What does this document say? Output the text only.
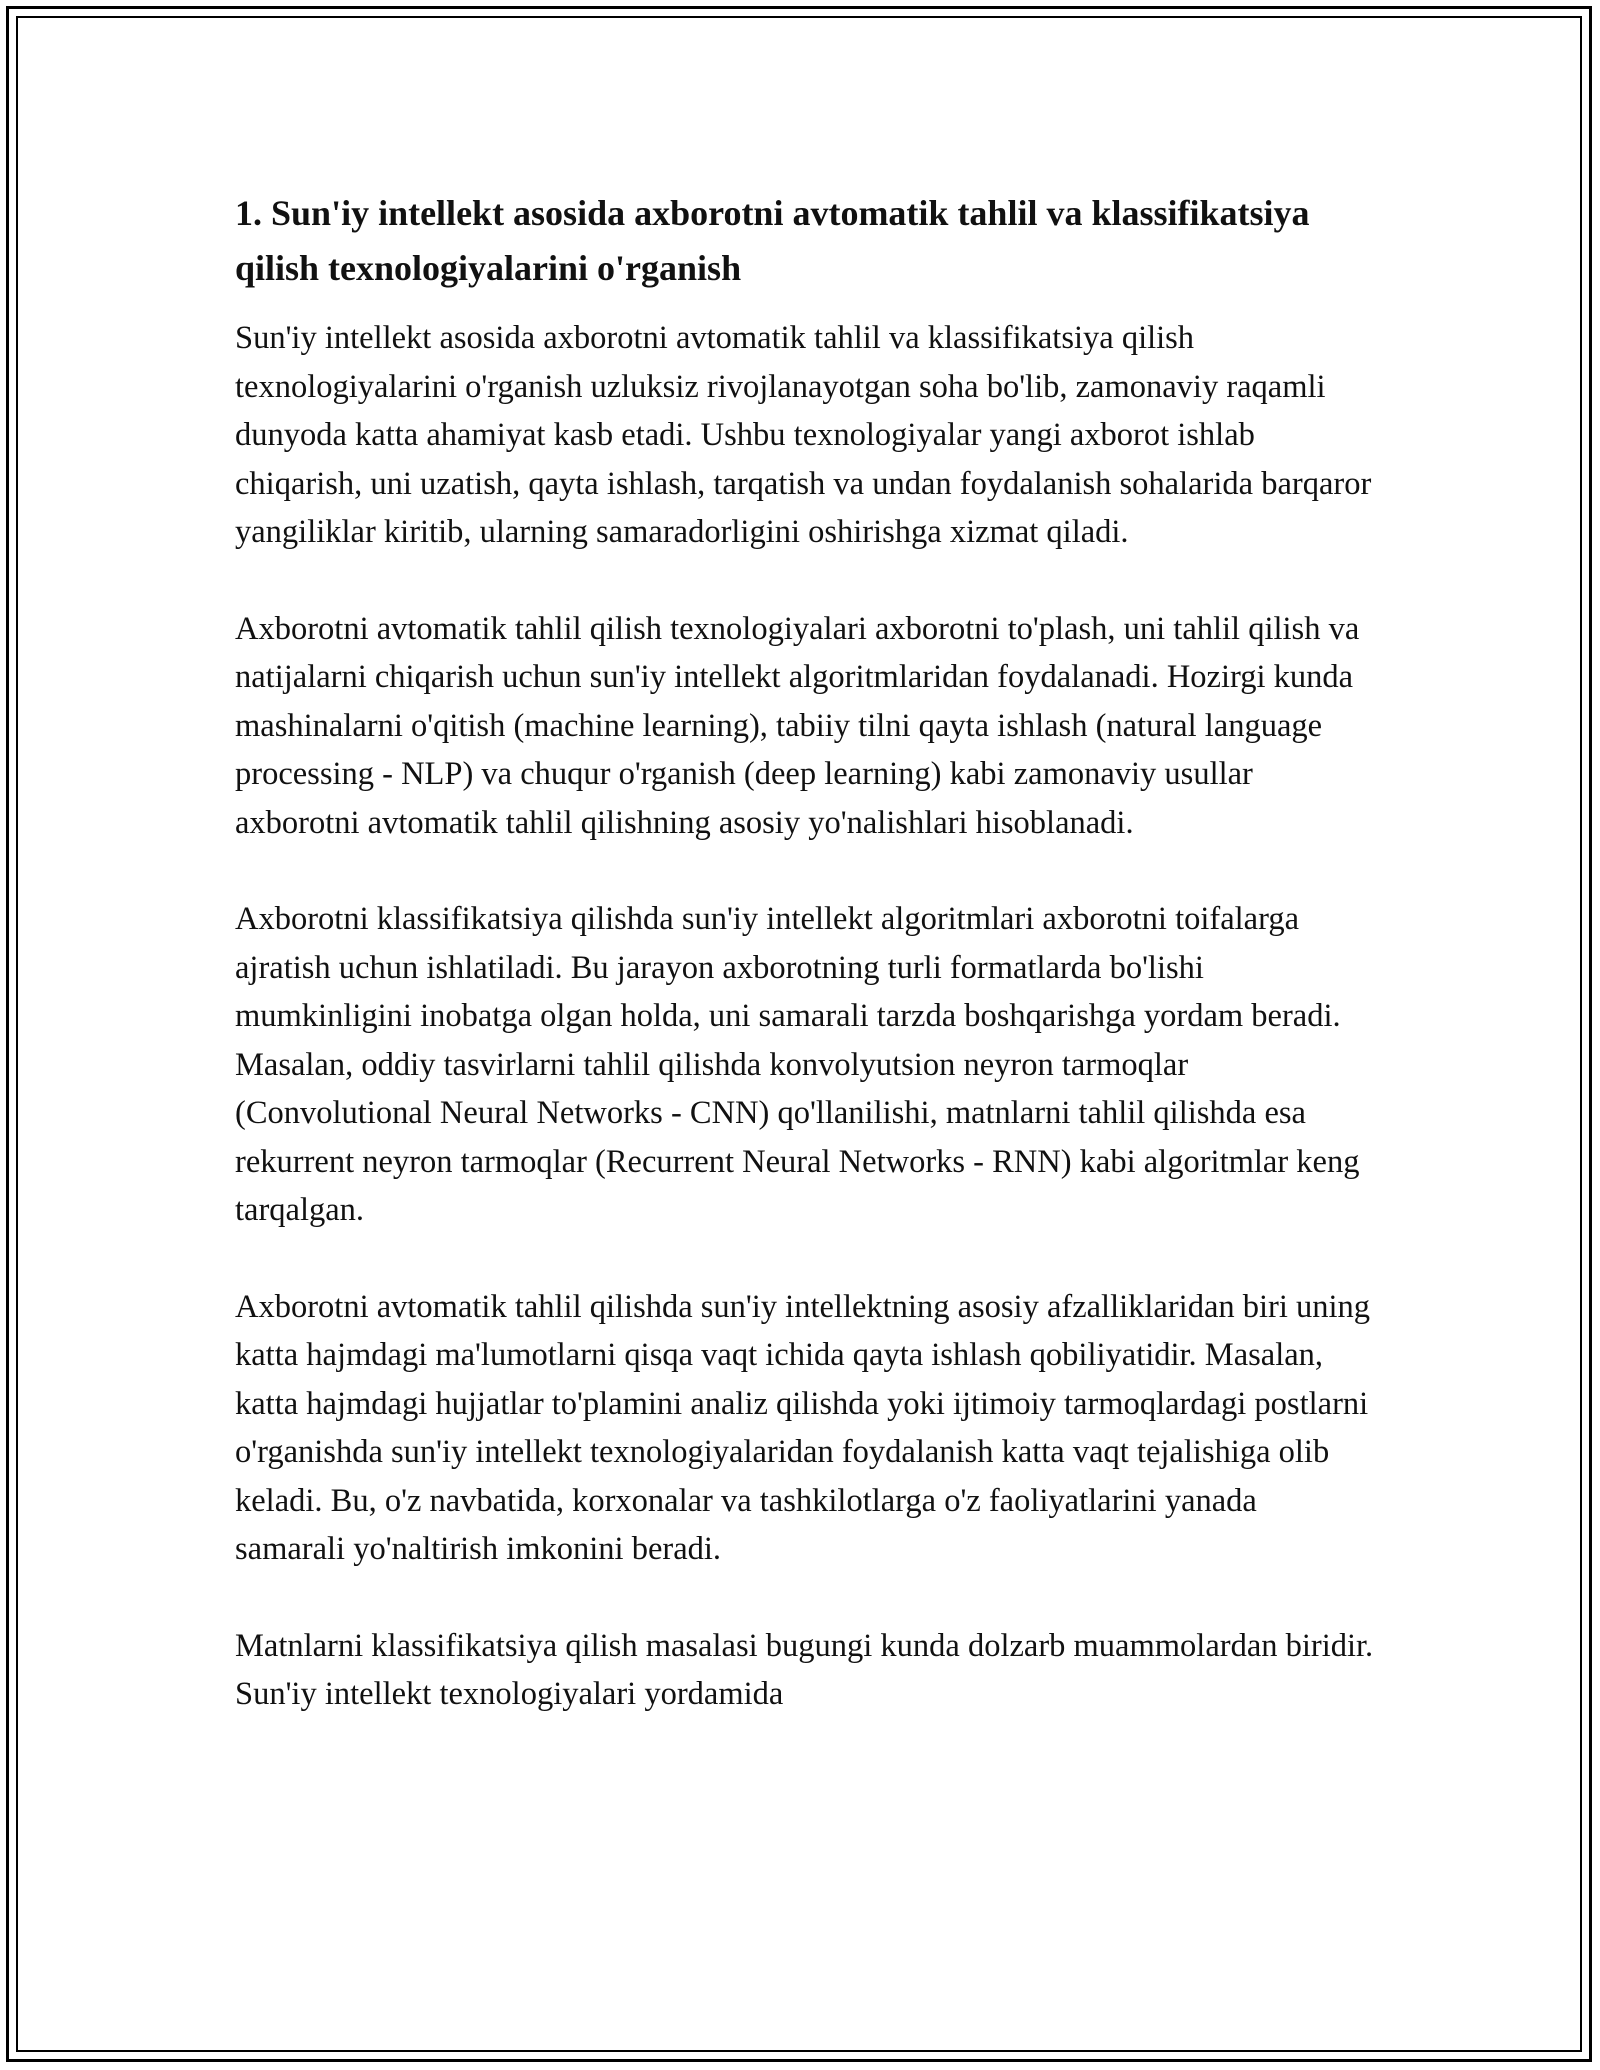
1. Sun'iy intellekt asosida axborotni avtomatik tahlil va klassifikatsiya qilish texnologiyalarini o'rganish

Sun'iy intellekt asosida axborotni avtomatik tahlil va klassifikatsiya qilish texnologiyalarini o'rganish uzluksiz rivojlanayotgan soha bo'lib, zamonaviy raqamli dunyoda katta ahamiyat kasb etadi. Ushbu texnologiyalar yangi axborot ishlab chiqarish, uni uzatish, qayta ishlash, tarqatish va undan foydalanish sohalarida barqaror yangiliklar kiritib, ularning samaradorligini oshirishga xizmat qiladi.

Axborotni avtomatik tahlil qilish texnologiyalari axborotni to'plash, uni tahlil qilish va natijalarni chiqarish uchun sun'iy intellekt algoritmlaridan foydalanadi. Hozirgi kunda mashinalarni o'qitish (machine learning), tabiiy tilni qayta ishlash (natural language processing - NLP) va chuqur o'rganish (deep learning) kabi zamonaviy usullar axborotni avtomatik tahlil qilishning asosiy yo'nalishlari hisoblanadi.

Axborotni klassifikatsiya qilishda sun'iy intellekt algoritmlari axborotni toifalarga ajratish uchun ishlatiladi. Bu jarayon axborotning turli formatlarda bo'lishi mumkinligini inobatga olgan holda, uni samarali tarzda boshqarishga yordam beradi. Masalan, oddiy tasvirlarni tahlil qilishda konvolyutsion neyron tarmoqlar (Convolutional Neural Networks - CNN) qo'llanilishi, matnlarni tahlil qilishda esa rekurrent neyron tarmoqlar (Recurrent Neural Networks - RNN) kabi algoritmlar keng tarqalgan.

Axborotni avtomatik tahlil qilishda sun'iy intellektning asosiy afzalliklaridan biri uning katta hajmdagi ma'lumotlarni qisqa vaqt ichida qayta ishlash qobiliyatidir. Masalan, katta hajmdagi hujjatlar to'plamini analiz qilishda yoki ijtimoiy tarmoqlardagi postlarni o'rganishda sun'iy intellekt texnologiyalaridan foydalanish katta vaqt tejalishiga olib keladi. Bu, o'z navbatida, korxonalar va tashkilotlarga o'z faoliyatlarini yanada samarali yo'naltirish imkonini beradi.

Matnlarni klassifikatsiya qilish masalasi bugungi kunda dolzarb muammolardan biridir. Sun'iy intellekt texnologiyalari yordamida
